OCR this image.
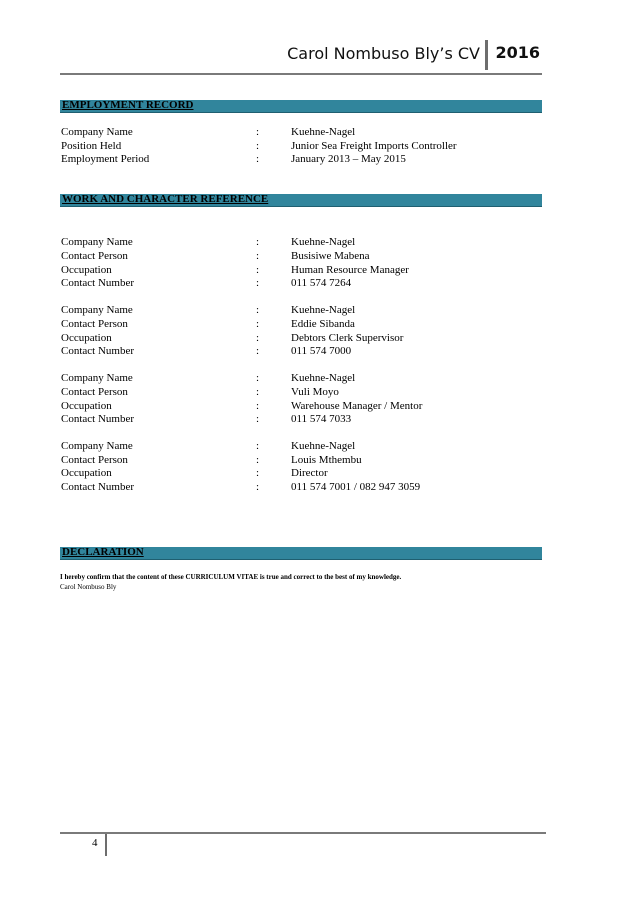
Carol Nombuso Bly’s CV 2016
EMPLOYMENT RECORD
Company Name	:	Kuehne-Nagel
Position Held	:	Junior Sea Freight Imports Controller
Employment Period	:	January 2013 – May 2015
WORK AND CHARACTER REFERENCE
Company Name	:	Kuehne-Nagel
Contact Person	:	Busisiwe Mabena
Occupation	:	Human Resource Manager
Contact Number	:	011 574 7264
Company Name	:	Kuehne-Nagel
Contact Person	:	Eddie Sibanda
Occupation	:	Debtors Clerk Supervisor
Contact Number	:	011 574 7000
Company Name	:	Kuehne-Nagel
Contact Person	:	Vuli Moyo
Occupation	:	Warehouse Manager / Mentor
Contact Number	:	011 574 7033
Company Name	:	Kuehne-Nagel
Contact Person	:	Louis Mthembu
Occupation	:	Director
Contact Number	:	011 574 7001 / 082 947 3059
DECLARATION
I hereby confirm that the content of these CURRICULUM VITAE is true and correct to the best of my knowledge.
Carol Nombuso Bly
4
